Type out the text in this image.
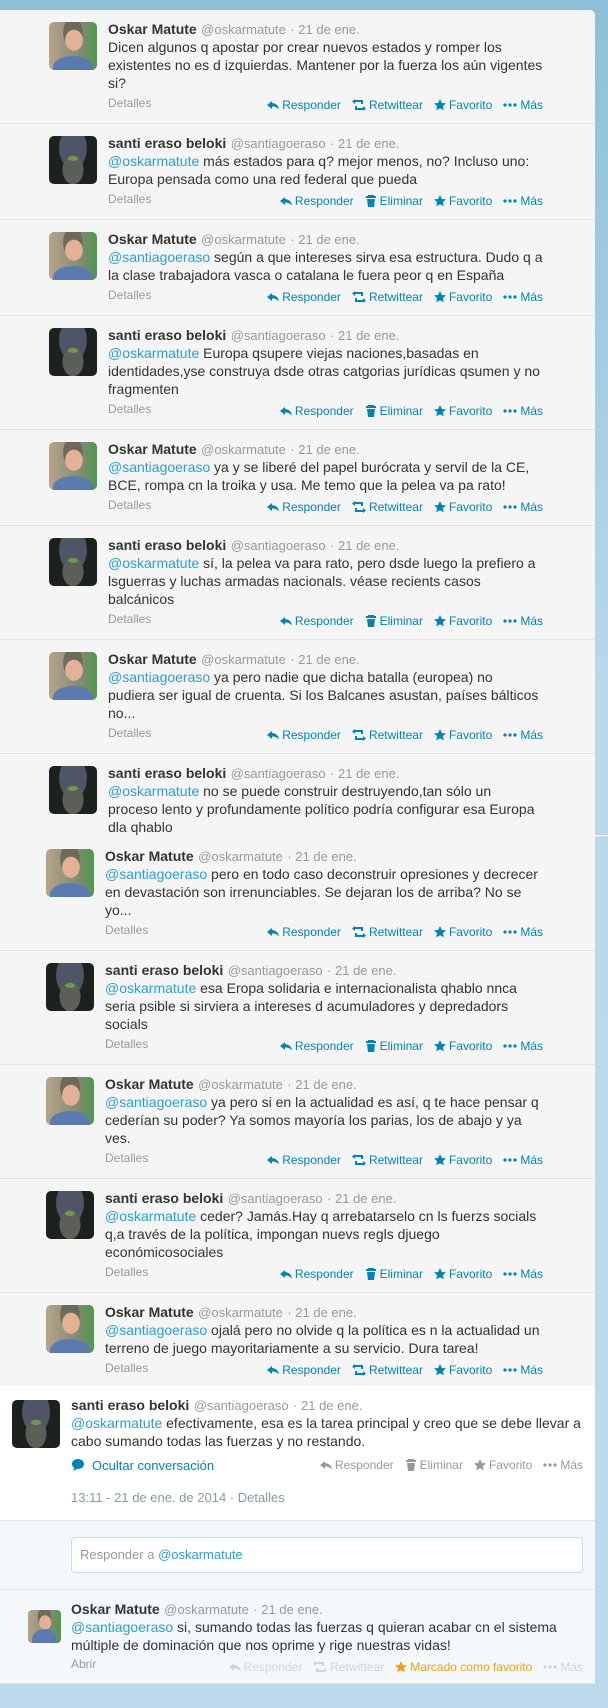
Oskar Matute @oskarmatute · 21 de ene.
Dicen algunos q apostar por crear nuevos estados y romper los existentes no es d izquierdas. Mantener por la fuerza los aún vigentes si?
Detalles	Responder Retwittear Favorito Más
santi eraso beloki @santiagoeraso · 21 de ene.
@oskarmatute más estados para q? mejor menos, no? Incluso uno: Europa pensada como una red federal que pueda
Detalles	Responder Eliminar Favorito Más
Oskar Matute @oskarmatute · 21 de ene.
@santiagoeraso según a que intereses sirva esa estructura. Dudo q a la clase trabajadora vasca o catalana le fuera peor q en España
Detalles	Responder Retwittear Favorito Más
santi eraso beloki @santiagoeraso · 21 de ene.
@oskarmatute Europa qsupere viejas naciones,basadas en identidades,yse construya dsde otras catgorias jurídicas qsumen y no fragmenten
Detalles	Responder Eliminar Favorito Más
Oskar Matute @oskarmatute · 21 de ene.
@santiagoeraso ya y se liberé del papel burócrata y servil de la CE, BCE, rompa cn la troika y usa. Me temo que la pelea va pa rato!
Detalles	Responder Retwittear Favorito Más
santi eraso beloki @santiagoeraso · 21 de ene.
@oskarmatute sí, la pelea va para rato, pero dsde luego la prefiero a lsguerras y luchas armadas nacionals. véase recients casos balcánicos
Detalles	Responder Eliminar Favorito Más
Oskar Matute @oskarmatute · 21 de ene.
@santiagoeraso ya pero nadie que dicha batalla (europea) no pudiera ser igual de cruenta. Si los Balcanes asustan, países bálticos no...
Detalles	Responder Retwittear Favorito Más
santi eraso beloki @santiagoeraso · 21 de ene.
@oskarmatute no se puede construir destruyendo,tan sólo un proceso lento y profundamente político podría configurar esa Europa dla qhablo
Oskar Matute @oskarmatute · 21 de ene.
@santiagoeraso pero en todo caso deconstruir opresiones y decrecer en devastación son irrenunciables. Se dejaran los de arriba? No se yo...
Detalles	Responder Retwittear Favorito Más
santi eraso beloki @santiagoeraso · 21 de ene.
@oskarmatute esa Eropa solidaria e internacionalista qhablo nnca seria psible si sirviera a intereses d acumuladores y depredadors socials
Detalles	Responder Eliminar Favorito Más
Oskar Matute @oskarmatute · 21 de ene.
@santiagoeraso ya pero si en la actualidad es así, q te hace pensar q cederían su poder? Ya somos mayoría los parias, los de abajo y ya ves.
Detalles	Responder Retwittear Favorito Más
santi eraso beloki @santiagoeraso · 21 de ene.
@oskarmatute ceder? Jamás.Hay q arrebatarselo cn ls fuerzs socials q,a través de la política, impongan nuevs regls djuego económicosociales
Detalles	Responder Eliminar Favorito Más
Oskar Matute @oskarmatute · 21 de ene.
@santiagoeraso ojalá pero no olvide q la política es n la actualidad un terreno de juego mayoritariamente a su servicio. Dura tarea!
Detalles	Responder Retwittear Favorito Más
santi eraso beloki @santiagoeraso · 21 de ene.
@oskarmatute efectivamente, esa es la tarea principal y creo que se debe llevar a cabo sumando todas las fuerzas y no restando.
Ocultar conversación	Responder Eliminar Favorito Más
13:11 - 21 de ene. de 2014 · Detalles
Responder a @oskarmatute
Oskar Matute @oskarmatute · 21 de ene.
@santiagoeraso si, sumando todas las fuerzas q quieran acabar cn el sistema múltiple de dominación que nos oprime y rige nuestras vidas!
Abrir	Responder Retwittear Marcado como favorito Más
